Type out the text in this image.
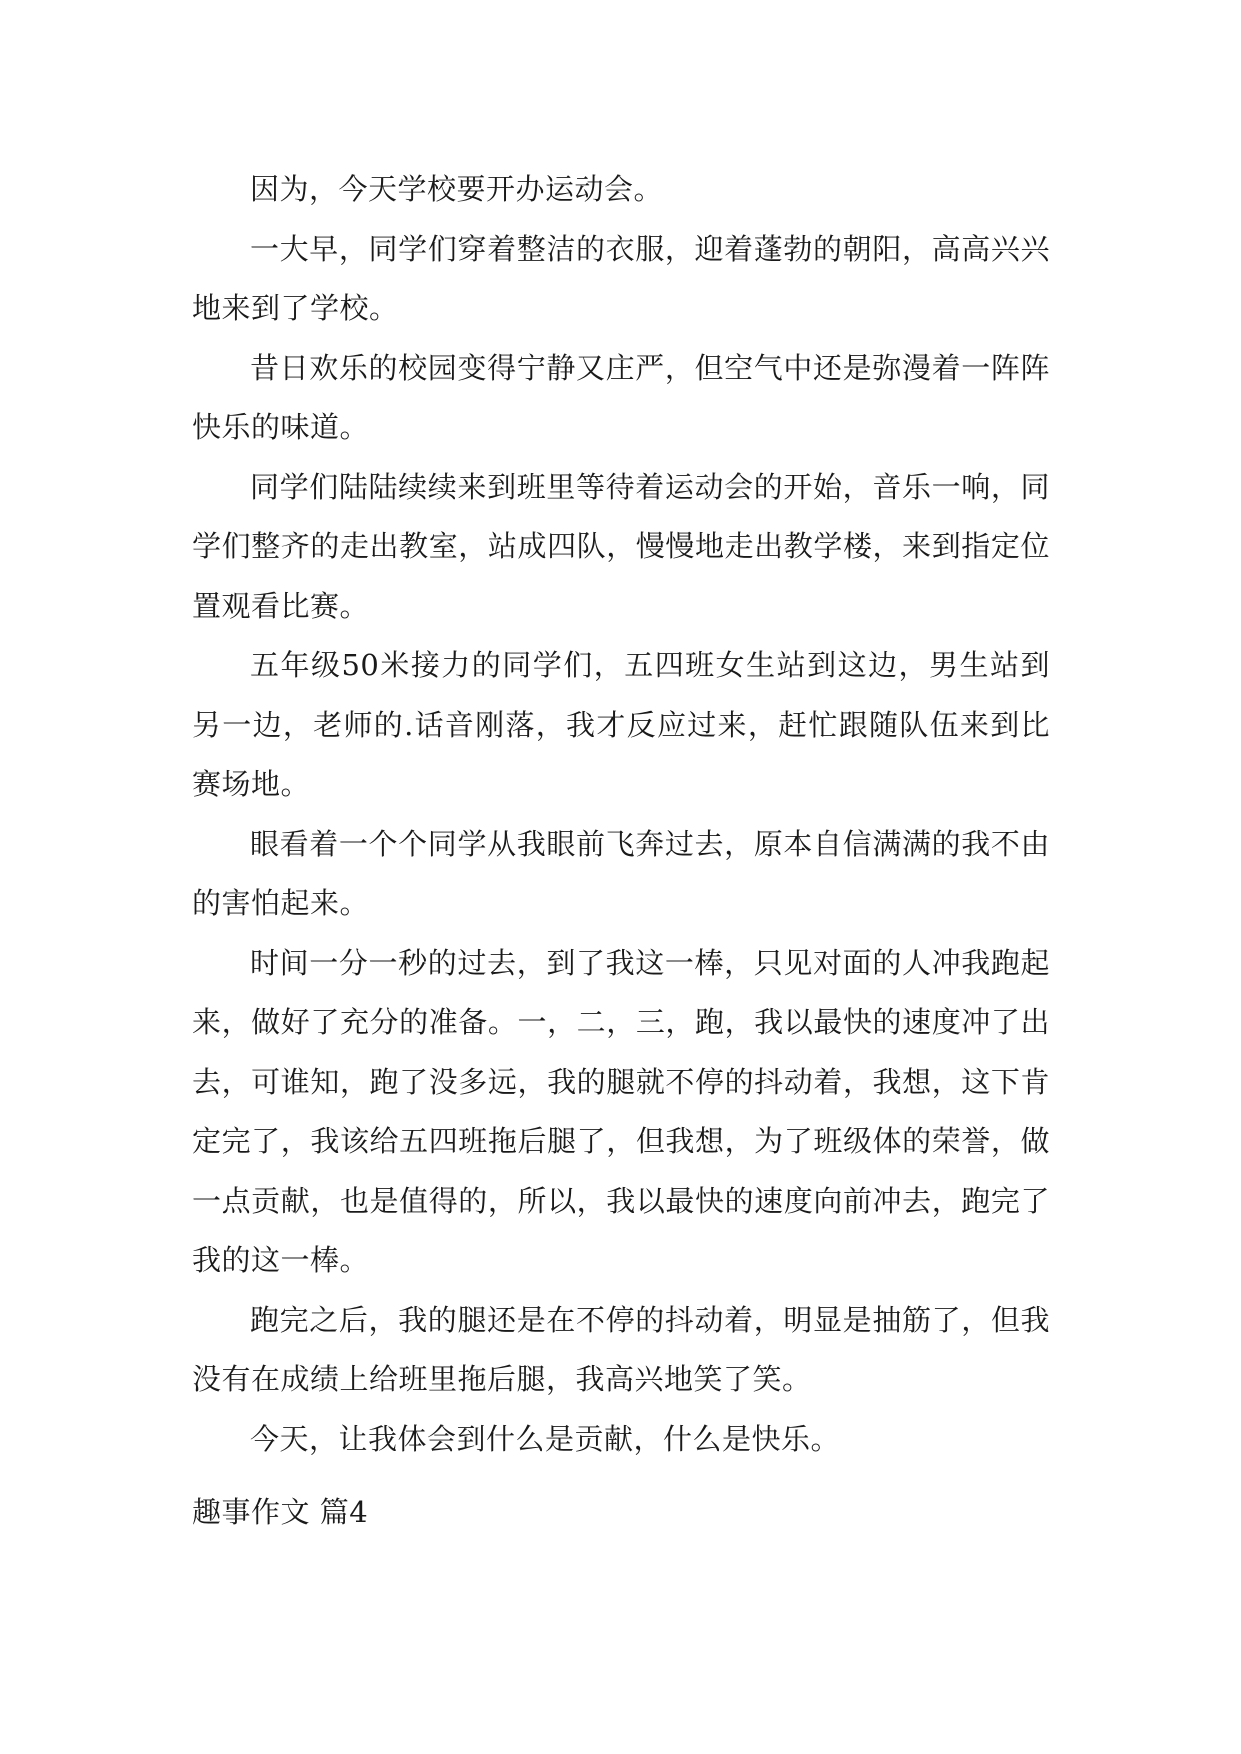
因为，今天学校要开办运动会。

一大早，同学们穿着整洁的衣服，迎着蓬勃的朝阳，高高兴兴地来到了学校。

昔日欢乐的校园变得宁静又庄严，但空气中还是弥漫着一阵阵快乐的味道。

同学们陆陆续续来到班里等待着运动会的开始，音乐一响，同学们整齐的走出教室，站成四队，慢慢地走出教学楼，来到指定位置观看比赛。

五年级50米接力的同学们，五四班女生站到这边，男生站到另一边，老师的.话音刚落，我才反应过来，赶忙跟随队伍来到比赛场地。

眼看着一个个同学从我眼前飞奔过去，原本自信满满的我不由的害怕起来。

时间一分一秒的过去，到了我这一棒，只见对面的人冲我跑起来，做好了充分的准备。一，二，三，跑，我以最快的速度冲了出去，可谁知，跑了没多远，我的腿就不停的抖动着，我想，这下肯定完了，我该给五四班拖后腿了，但我想，为了班级体的荣誉，做一点贡献，也是值得的，所以，我以最快的速度向前冲去，跑完了我的这一棒。

跑完之后，我的腿还是在不停的抖动着，明显是抽筋了，但我没有在成绩上给班里拖后腿，我高兴地笑了笑。

今天，让我体会到什么是贡献，什么是快乐。

趣事作文 篇4
